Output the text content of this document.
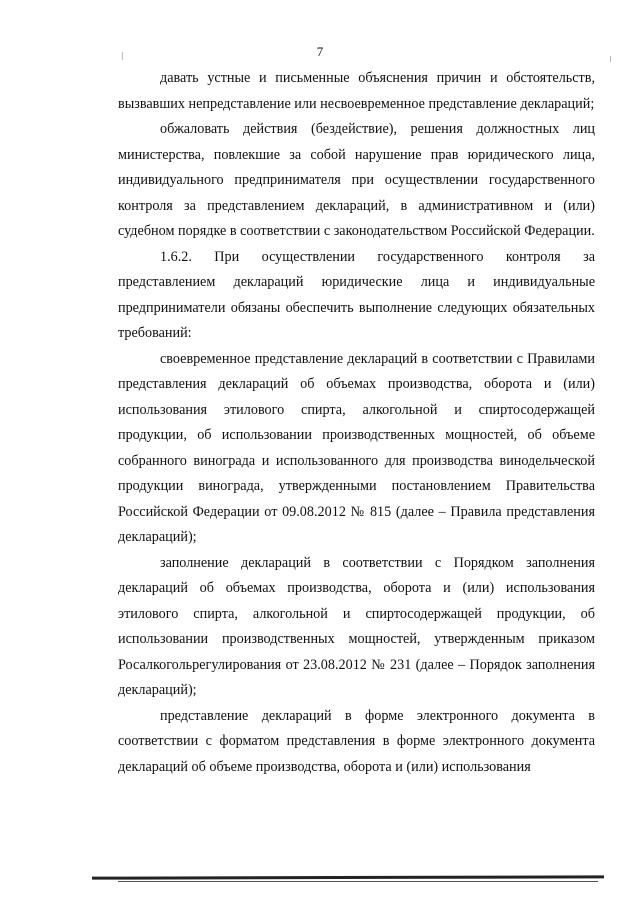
7

давать устные и письменные объяснения причин и обстоятельств, вызвавших непредставление или несвоевременное представление деклараций;

обжаловать действия (бездействие), решения должностных лиц министерства, повлекшие за собой нарушение прав юридического лица, индивидуального предпринимателя при осуществлении государственного контроля за представлением деклараций, в административном и (или) судебном порядке в соответствии с законодательством Российской Федерации.

1.6.2. При осуществлении государственного контроля за представлением деклараций юридические лица и индивидуальные предприниматели обязаны обеспечить выполнение следующих обязательных требований:

своевременное представление деклараций в соответствии с Правилами представления деклараций об объемах производства, оборота и (или) использования этилового спирта, алкогольной и спиртосодержащей продукции, об использовании производственных мощностей, об объеме собранного винограда и использованного для производства винодельческой продукции винограда, утвержденными постановлением Правительства Российской Федерации от 09.08.2012 № 815 (далее – Правила представления деклараций);

заполнение деклараций в соответствии с Порядком заполнения деклараций об объемах производства, оборота и (или) использования этилового спирта, алкогольной и спиртосодержащей продукции, об использовании производственных мощностей, утвержденным приказом Росалкогольрегулирования от 23.08.2012 № 231 (далее – Порядок заполнения деклараций);

представление деклараций в форме электронного документа в соответствии с форматом представления в форме электронного документа деклараций об объеме производства, оборота и (или) использования
